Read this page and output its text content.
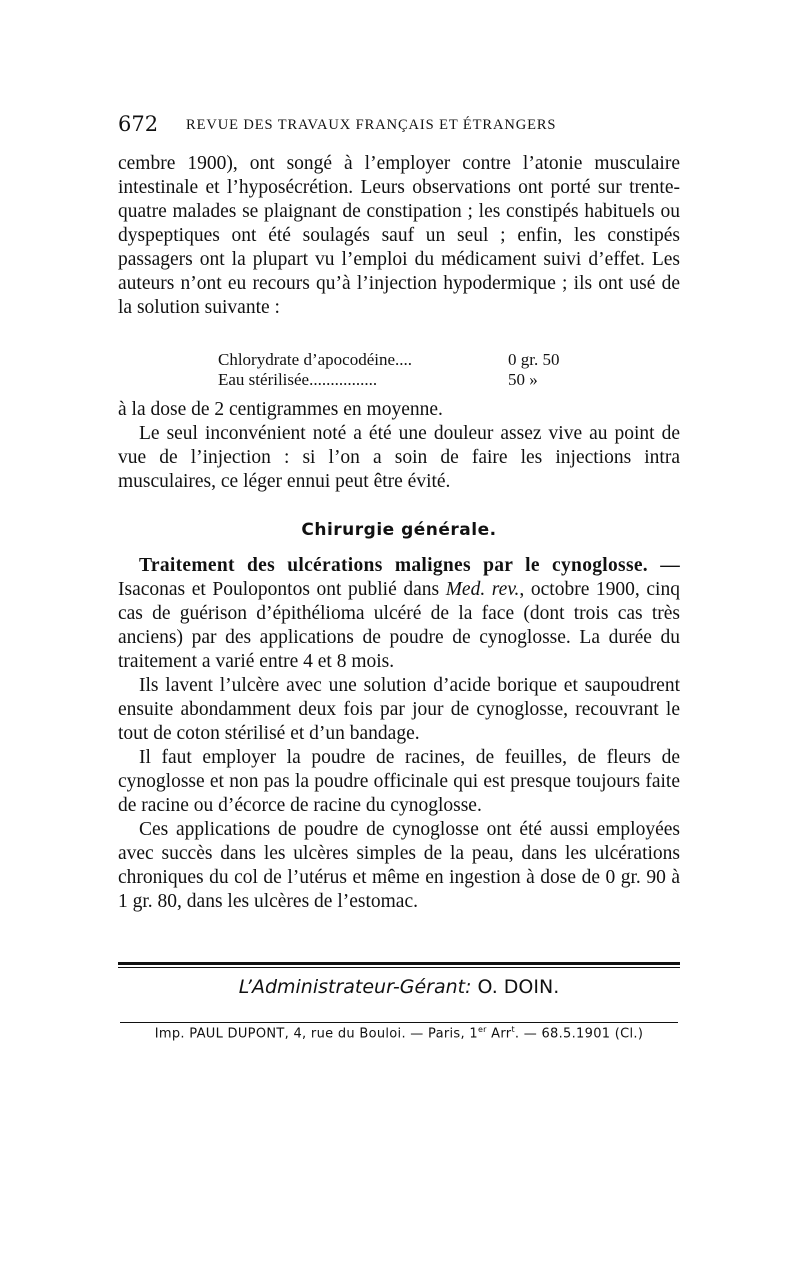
672 REVUE DES TRAVAUX FRANÇAIS ET ÉTRANGERS

cembre 1900), ont songé à l’employer contre l’atonie musculaire intestinale et l’hyposécrétion. Leurs observations ont porté sur trente-quatre malades se plaignant de constipation ; les constipés habituels ou dyspeptiques ont été soulagés sauf un seul ; enfin, les constipés passagers ont la plupart vu l’emploi du médicament suivi d’effet. Les auteurs n’ont eu recours qu’à l’injection hypodermique ; ils ont usé de la solution suivante :

Chlorydrate d’apocodéine....	0 gr. 50
Eau stérilisée................	50 »

à la dose de 2 centigrammes en moyenne.

Le seul inconvénient noté a été une douleur assez vive au point de vue de l’injection : si l’on a soin de faire les injections intra musculaires, ce léger ennui peut être évité.

Chirurgie générale.

Traitement des ulcérations malignes par le cynoglosse. — Isaconas et Poulopontos ont publié dans Med. rev., octobre 1900, cinq cas de guérison d’épithélioma ulcéré de la face (dont trois cas très anciens) par des applications de poudre de cynoglosse. La durée du traitement a varié entre 4 et 8 mois.

Ils lavent l’ulcère avec une solution d’acide borique et saupoudrent ensuite abondamment deux fois par jour de cynoglosse, recouvrant le tout de coton stérilisé et d’un bandage.

Il faut employer la poudre de racines, de feuilles, de fleurs de cynoglosse et non pas la poudre officinale qui est presque toujours faite de racine ou d’écorce de racine du cynoglosse.

Ces applications de poudre de cynoglosse ont été aussi employées avec succès dans les ulcères simples de la peau, dans les ulcérations chroniques du col de l’utérus et même en ingestion à dose de 0 gr. 90 à 1 gr. 80, dans les ulcères de l’estomac.

L’Administrateur-Gérant: O. DOIN.
Imp. PAUL DUPONT, 4, rue du Bouloi. — Paris, 1er Arr$^t$. — 68.5.1901 (Cl.)
